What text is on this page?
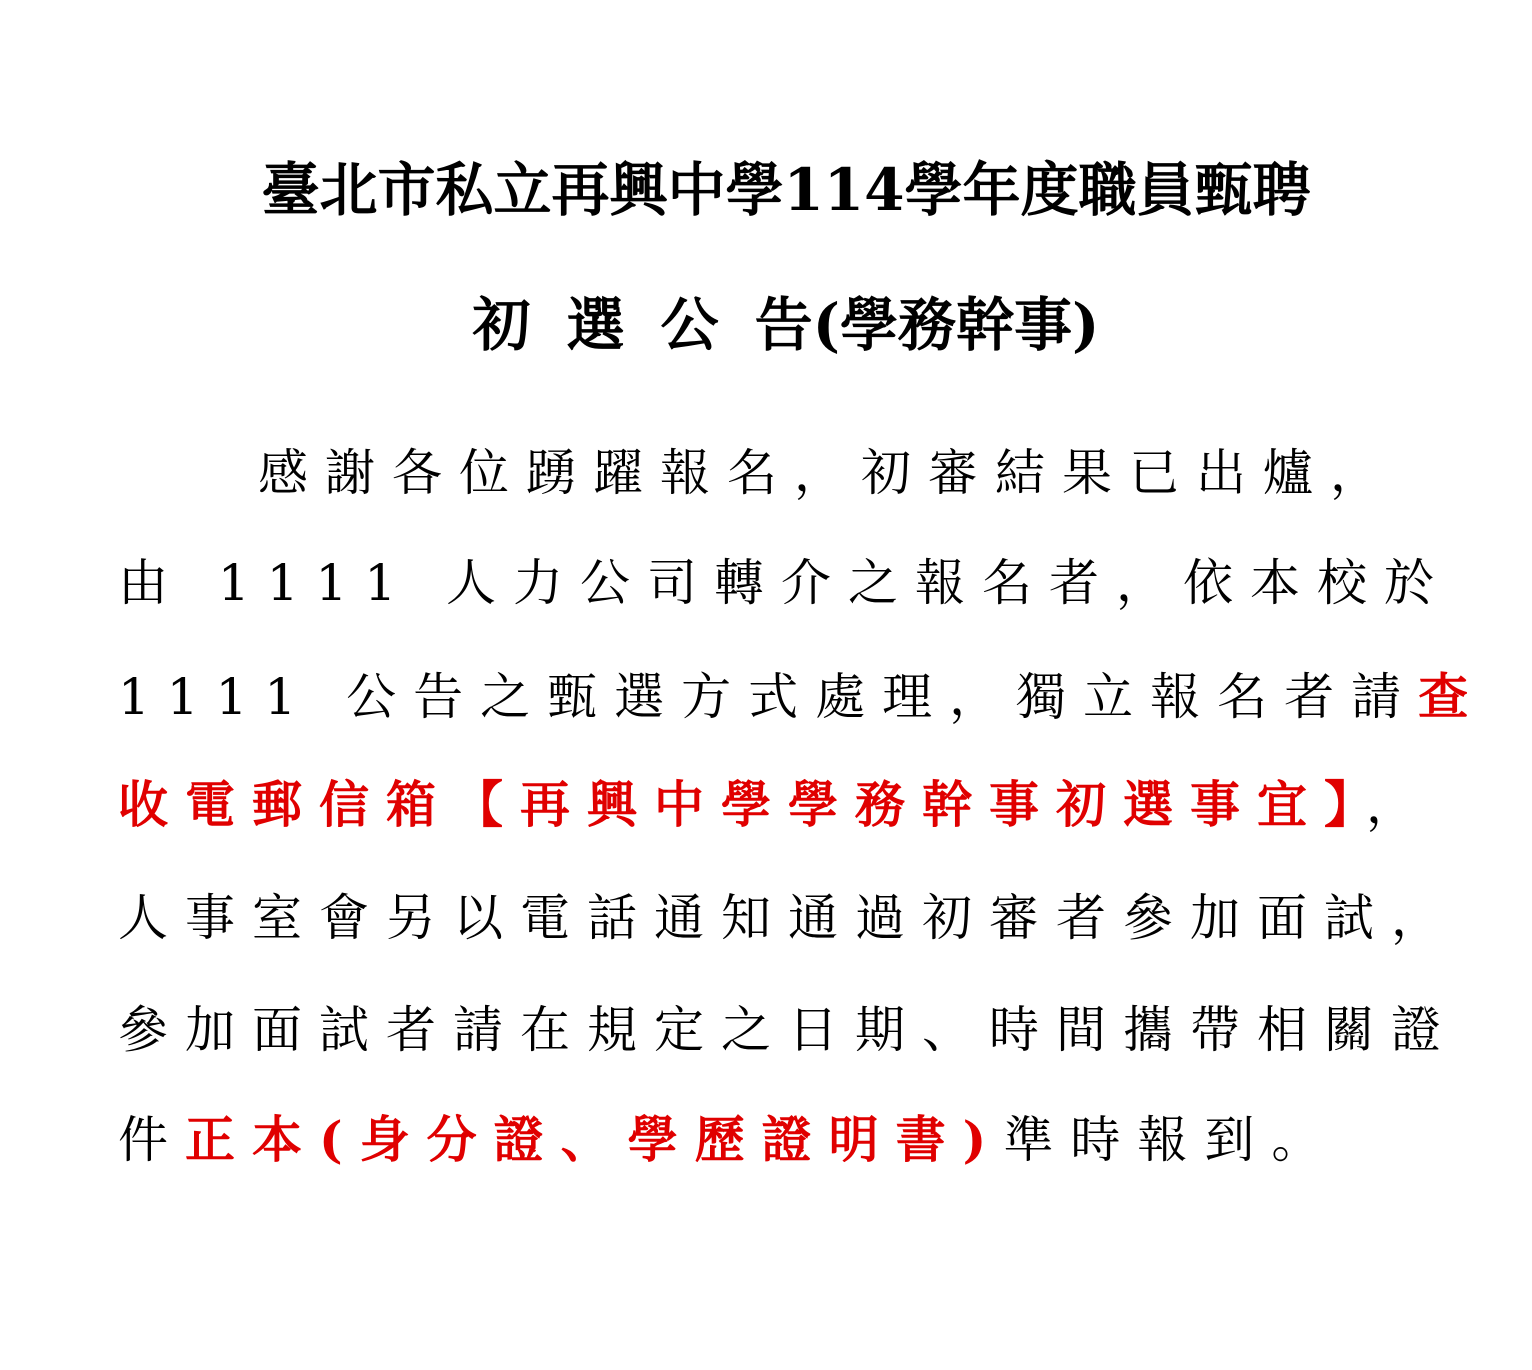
臺北市私立再興中學114學年度職員甄聘
初選公告(學務幹事)
感謝各位踴躍報名，初審結果已出爐，
由 1111 人力公司轉介之報名者，依本校於
1111 公告之甄選方式處理，獨立報名者請查
收電郵信箱【再興中學學務幹事初選事宜】，
人事室會另以電話通知通過初審者參加面試，
參加面試者請在規定之日期、時間攜帶相關證
件正本(身分證、學歷證明書)準時報到。
